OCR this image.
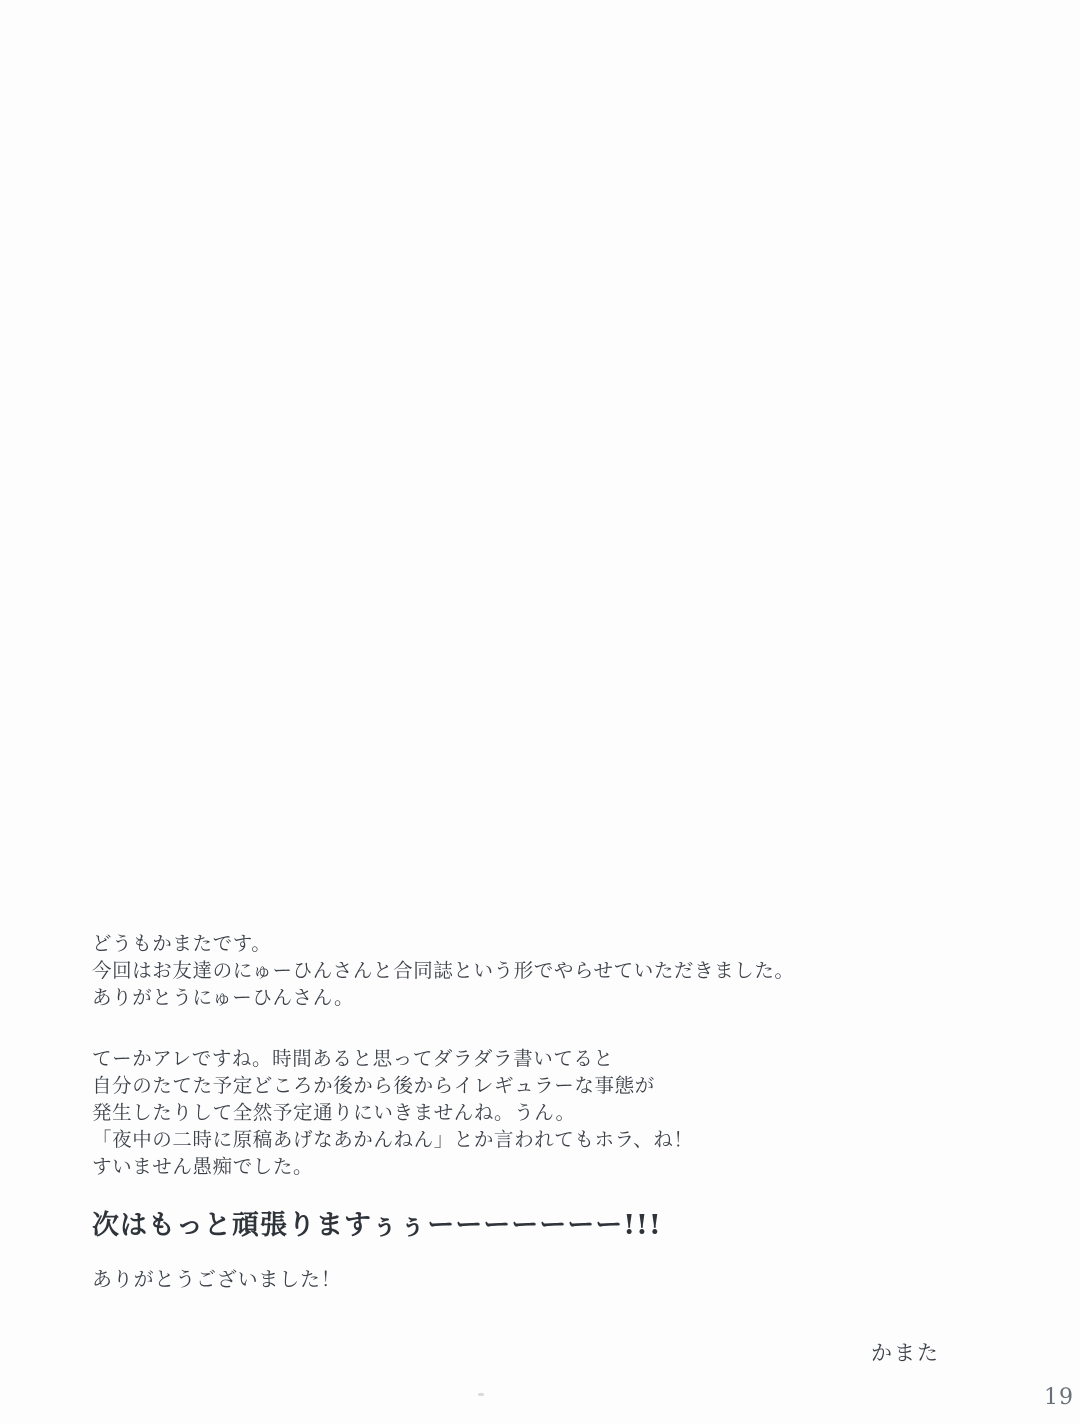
どうもかまたです。
今回はお友達のにゅーひんさんと合同誌という形でやらせていただきました。
ありがとうにゅーひんさん。
てーかアレですね。時間あると思ってダラダラ書いてると
自分のたてた予定どころか後から後からイレギュラーな事態が
発生したりして全然予定通りにいきませんね。うん。
「夜中の二時に原稿あげなあかんねん」とか言われてもホラ、ね！
すいません愚痴でした。
次はもっと頑張りますぅぅーーーーーーー!!!
ありがとうございました！
かまた
19
